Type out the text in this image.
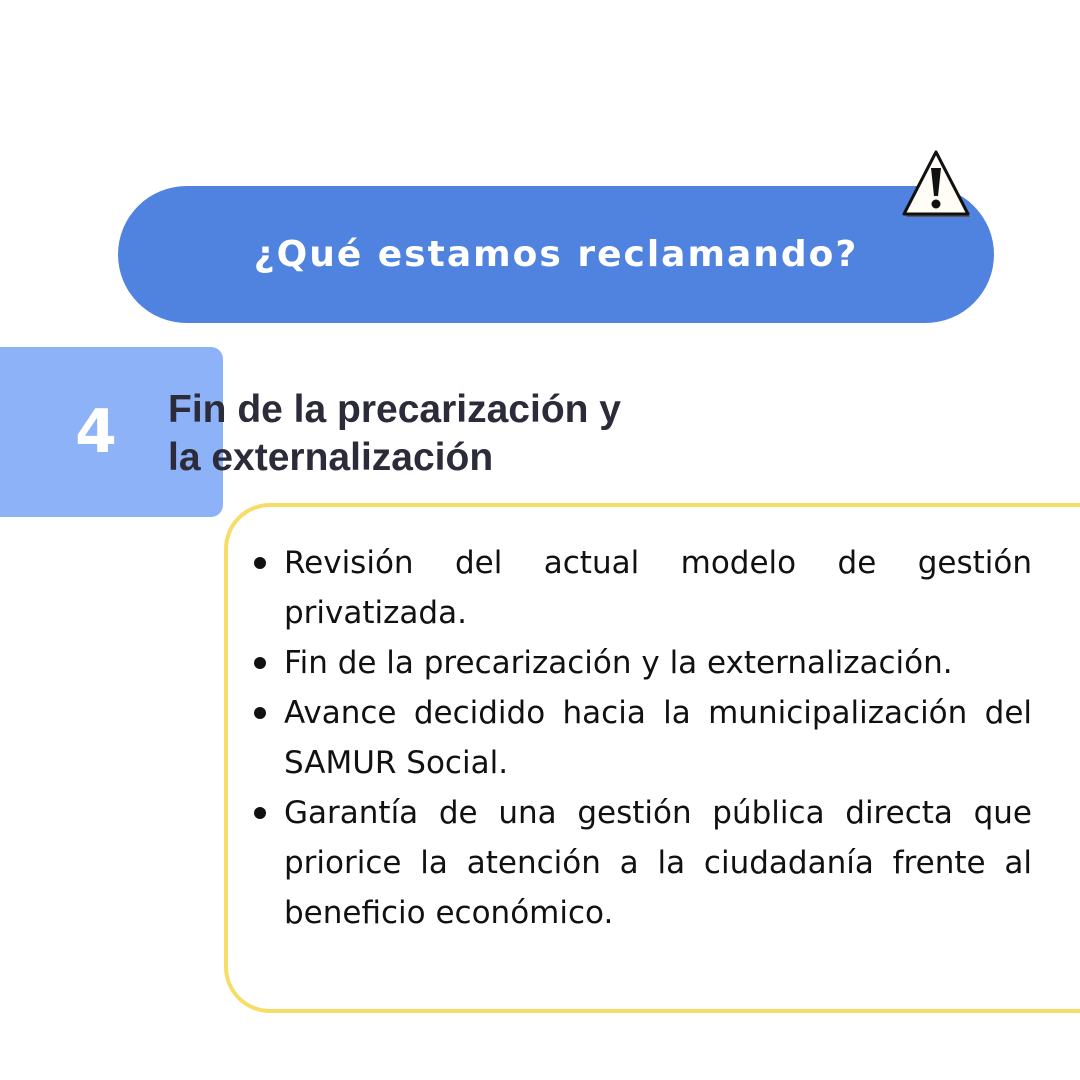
¿Qué estamos reclamando?
4	Fin de la precarización y
la externalización
Revisión del actual modelo de gestión privatizada.
Fin de la precarización y la externalización.
Avance decidido hacia la municipalización del SAMUR Social.
Garantía de una gestión pública directa que priorice la atención a la ciudadanía frente al beneficio económico.
